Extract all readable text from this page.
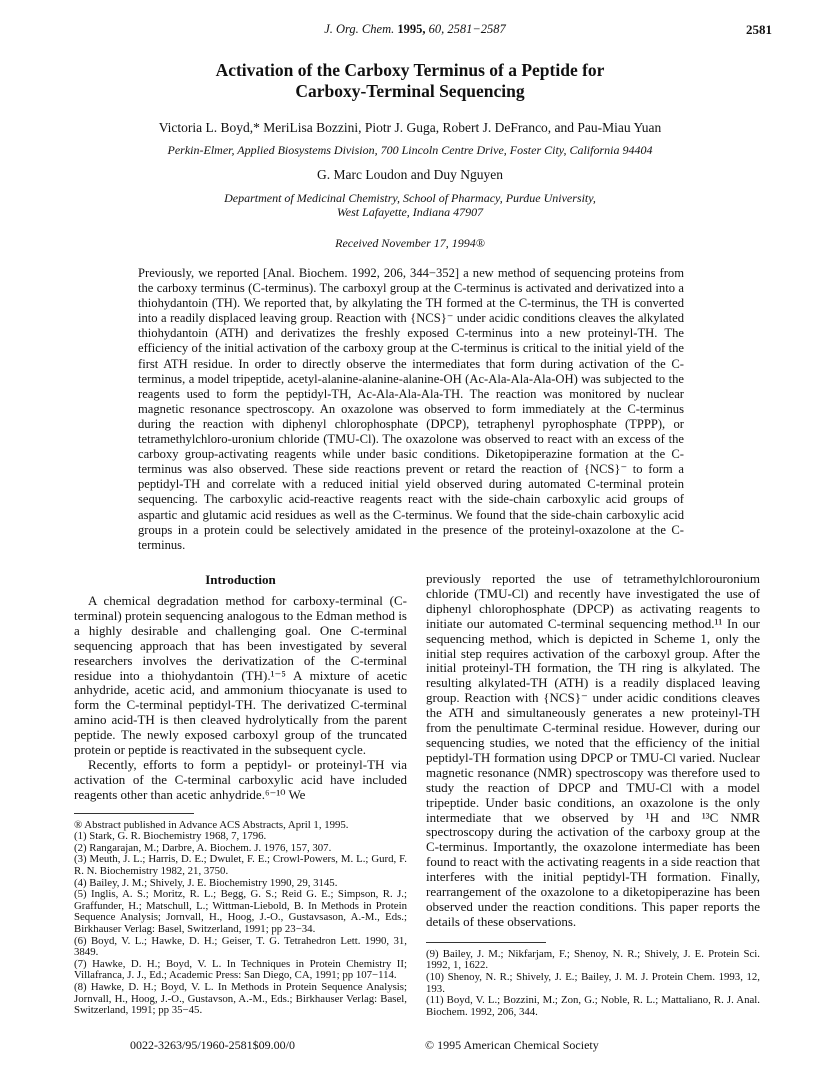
J. Org. Chem. 1995, 60, 2581−2587	2581
Activation of the Carboxy Terminus of a Peptide for
Carboxy-Terminal Sequencing
Victoria L. Boyd,* MeriLisa Bozzini, Piotr J. Guga, Robert J. DeFranco, and Pau-Miau Yuan
Perkin-Elmer, Applied Biosystems Division, 700 Lincoln Centre Drive, Foster City, California 94404
G. Marc Loudon and Duy Nguyen
Department of Medicinal Chemistry, School of Pharmacy, Purdue University,
West Lafayette, Indiana 47907
Received November 17, 1994®
Previously, we reported [Anal. Biochem. 1992, 206, 344−352] a new method of sequencing proteins from the carboxy terminus (C-terminus). The carboxyl group at the C-terminus is activated and derivatized into a thiohydantoin (TH). We reported that, by alkylating the TH formed at the C-terminus, the TH is converted into a readily displaced leaving group. Reaction with {NCS}⁻ under acidic conditions cleaves the alkylated thiohydantoin (ATH) and derivatizes the freshly exposed C-terminus into a new proteinyl-TH. The efficiency of the initial activation of the carboxy group at the C-terminus is critical to the initial yield of the first ATH residue. In order to directly observe the intermediates that form during activation of the C-terminus, a model tripeptide, acetyl-alanine-alanine-alanine-OH (Ac-Ala-Ala-Ala-OH) was subjected to the reagents used to form the peptidyl-TH, Ac-Ala-Ala-Ala-TH. The reaction was monitored by nuclear magnetic resonance spectroscopy. An oxazolone was observed to form immediately at the C-terminus during the reaction with diphenyl chlorophosphate (DPCP), tetraphenyl pyrophosphate (TPPP), or tetramethylchloro-uronium chloride (TMU-Cl). The oxazolone was observed to react with an excess of the carboxy group-activating reagents while under basic conditions. Diketopiperazine formation at the C-terminus was also observed. These side reactions prevent or retard the reaction of {NCS}⁻ to form a peptidyl-TH and correlate with a reduced initial yield observed during automated C-terminal protein sequencing. The carboxylic acid-reactive reagents react with the side-chain carboxylic acid groups of aspartic and glutamic acid residues as well as the C-terminus. We found that the side-chain carboxylic acid groups in a protein could be selectively amidated in the presence of the proteinyl-oxazolone at the C-terminus.
Introduction

A chemical degradation method for carboxy-terminal (C-terminal) protein sequencing analogous to the Edman method is a highly desirable and challenging goal. One C-terminal sequencing approach that has been investigated by several researchers involves the derivatization of the C-terminal residue into a thiohydantoin (TH).¹⁻⁵ A mixture of acetic anhydride, acetic acid, and ammonium thiocyanate is used to form the C-terminal peptidyl-TH. The derivatized C-terminal amino acid-TH is then cleaved hydrolytically from the parent peptide. The newly exposed carboxyl group of the truncated protein or peptide is reactivated in the subsequent cycle.

Recently, efforts to form a peptidyl- or proteinyl-TH via activation of the C-terminal carboxylic acid have included reagents other than acetic anhydride.⁶⁻¹⁰ We

® Abstract published in Advance ACS Abstracts, April 1, 1995.
(1) Stark, G. R. Biochemistry 1968, 7, 1796.
(2) Rangarajan, M.; Darbre, A. Biochem. J. 1976, 157, 307.
(3) Meuth, J. L.; Harris, D. E.; Dwulet, F. E.; Crowl-Powers, M. L.; Gurd, F. R. N. Biochemistry 1982, 21, 3750.
(4) Bailey, J. M.; Shively, J. E. Biochemistry 1990, 29, 3145.
(5) Inglis, A. S.; Moritz, R. L.; Begg, G. S.; Reid G. E.; Simpson, R. J.; Graffunder, H.; Matschull, L.; Wittman-Liebold, B. In Methods in Protein Sequence Analysis; Jornvall, H., Hoog, J.-O., Gustavsason, A.-M., Eds.; Birkhauser Verlag: Basel, Switzerland, 1991; pp 23−34.
(6) Boyd, V. L.; Hawke, D. H.; Geiser, T. G. Tetrahedron Lett. 1990, 31, 3849.
(7) Hawke, D. H.; Boyd, V. L. In Techniques in Protein Chemistry II; Villafranca, J. J., Ed.; Academic Press: San Diego, CA, 1991; pp 107−114.
(8) Hawke, D. H.; Boyd, V. L. In Methods in Protein Sequence Analysis; Jornvall, H., Hoog, J.-O., Gustavson, A.-M., Eds.; Birkhauser Verlag: Basel, Switzerland, 1991; pp 35−45.

previously reported the use of tetramethylchlorouronium chloride (TMU-Cl) and recently have investigated the use of diphenyl chlorophosphate (DPCP) as activating reagents to initiate our automated C-terminal sequencing method.¹¹ In our sequencing method, which is depicted in Scheme 1, only the initial step requires activation of the carboxyl group. After the initial proteinyl-TH formation, the TH ring is alkylated. The resulting alkylated-TH (ATH) is a readily displaced leaving group. Reaction with {NCS}⁻ under acidic conditions cleaves the ATH and simultaneously generates a new proteinyl-TH from the penultimate C-terminal residue. However, during our sequencing studies, we noted that the efficiency of the initial peptidyl-TH formation using DPCP or TMU-Cl varied. Nuclear magnetic resonance (NMR) spectroscopy was therefore used to study the reaction of DPCP and TMU-Cl with a model tripeptide. Under basic conditions, an oxazolone is the only intermediate that we observed by ¹H and ¹³C NMR spectroscopy during the activation of the carboxy group at the C-terminus. Importantly, the oxazolone intermediate has been found to react with the activating reagents in a side reaction that interferes with the initial peptidyl-TH formation. Finally, rearrangement of the oxazolone to a diketopiperazine has been observed under the reaction conditions. This paper reports the details of these observations.

(9) Bailey, J. M.; Nikfarjam, F.; Shenoy, N. R.; Shively, J. E. Protein Sci. 1992, 1, 1622.
(10) Shenoy, N. R.; Shively, J. E.; Bailey, J. M. J. Protein Chem. 1993, 12, 193.
(11) Boyd, V. L.; Bozzini, M.; Zon, G.; Noble, R. L.; Mattaliano, R. J. Anal. Biochem. 1992, 206, 344.
0022-3263/95/1960-2581$09.00/0	© 1995 American Chemical Society
